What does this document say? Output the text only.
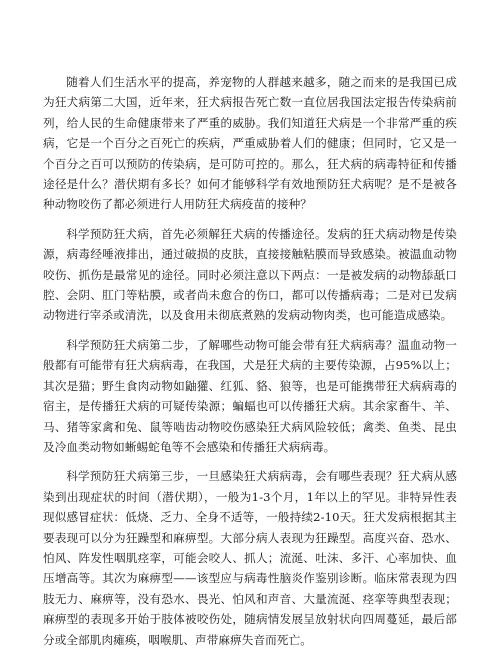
随着人们生活水平的提高，养宠物的人群越来越多，随之而来的是我国已成为狂犬病第二大国，近年来，狂犬病报告死亡数一直位居我国法定报告传染病前列，给人民的生命健康带来了严重的威胁。我们知道狂犬病是一个非常严重的疾病，它是一个百分之百死亡的疾病，严重威胁着人们的健康；但同时，它又是一个百分之百可以预防的传染病，是可防可控的。那么，狂犬病的病毒特征和传播途径是什么？潜伏期有多长？如何才能够科学有效地预防狂犬病呢？是不是被各种动物咬伤了都必须进行人用防狂犬病疫苗的接种？

科学预防狂犬病，首先必须解狂犬病的传播途径。发病的狂犬病动物是传染源，病毒经唾液排出，通过破损的皮肤，直接接触粘膜而导致感染。被温血动物咬伤、抓伤是最常见的途径。同时必须注意以下两点：一是被发病的动物舔舐口腔、会阴、肛门等粘膜，或者尚未愈合的伤口，都可以传播病毒；二是对已发病动物进行宰杀或清洗，以及食用未彻底煮熟的发病动物肉类，也可能造成感染。

科学预防狂犬病第二步，了解哪些动物可能会带有狂犬病病毒？温血动物一般都有可能带有狂犬病病毒，在我国，犬是狂犬病的主要传染源，占95%以上；其次是猫；野生食肉动物如鼬獾、红狐、貉、狼等，也是可能携带狂犬病病毒的宿主，是传播狂犬病的可疑传染源；蝙蝠也可以传播狂犬病。其余家畜牛、羊、马、猪等家禽和兔、鼠等啮齿动物咬伤感染狂犬病风险较低；禽类、鱼类、昆虫及冷血类动物如蜥蜴蛇龟等不会感染和传播狂犬病病毒。

科学预防狂犬病第三步，一旦感染狂犬病病毒，会有哪些表现？狂犬病从感染到出现症状的时间（潜伏期），一般为1-3个月，1年以上的罕见。非特异性表现似感冒症状：低烧、乏力、全身不适等，一般持续2-10天。狂犬发病根据其主要表现可以分为狂躁型和麻痹型。大部分病人表现为狂躁型。高度兴奋、恐水、怕风、阵发性咽肌痉挛，可能会咬人、抓人；流涎、吐沫、多汗、心率加快、血压增高等。其次为麻痹型——该型应与病毒性脑炎作鉴别诊断。临床常表现为四肢无力、麻痹等，没有恐水、畏光、怕风和声音、大量流涎、痉挛等典型表现；麻痹型的表现多开始于肢体被咬伤处，随病情发展呈放射状向四周蔓延，最后部分或全部肌肉瘫痪，咽喉肌、声带麻痹失音而死亡。
